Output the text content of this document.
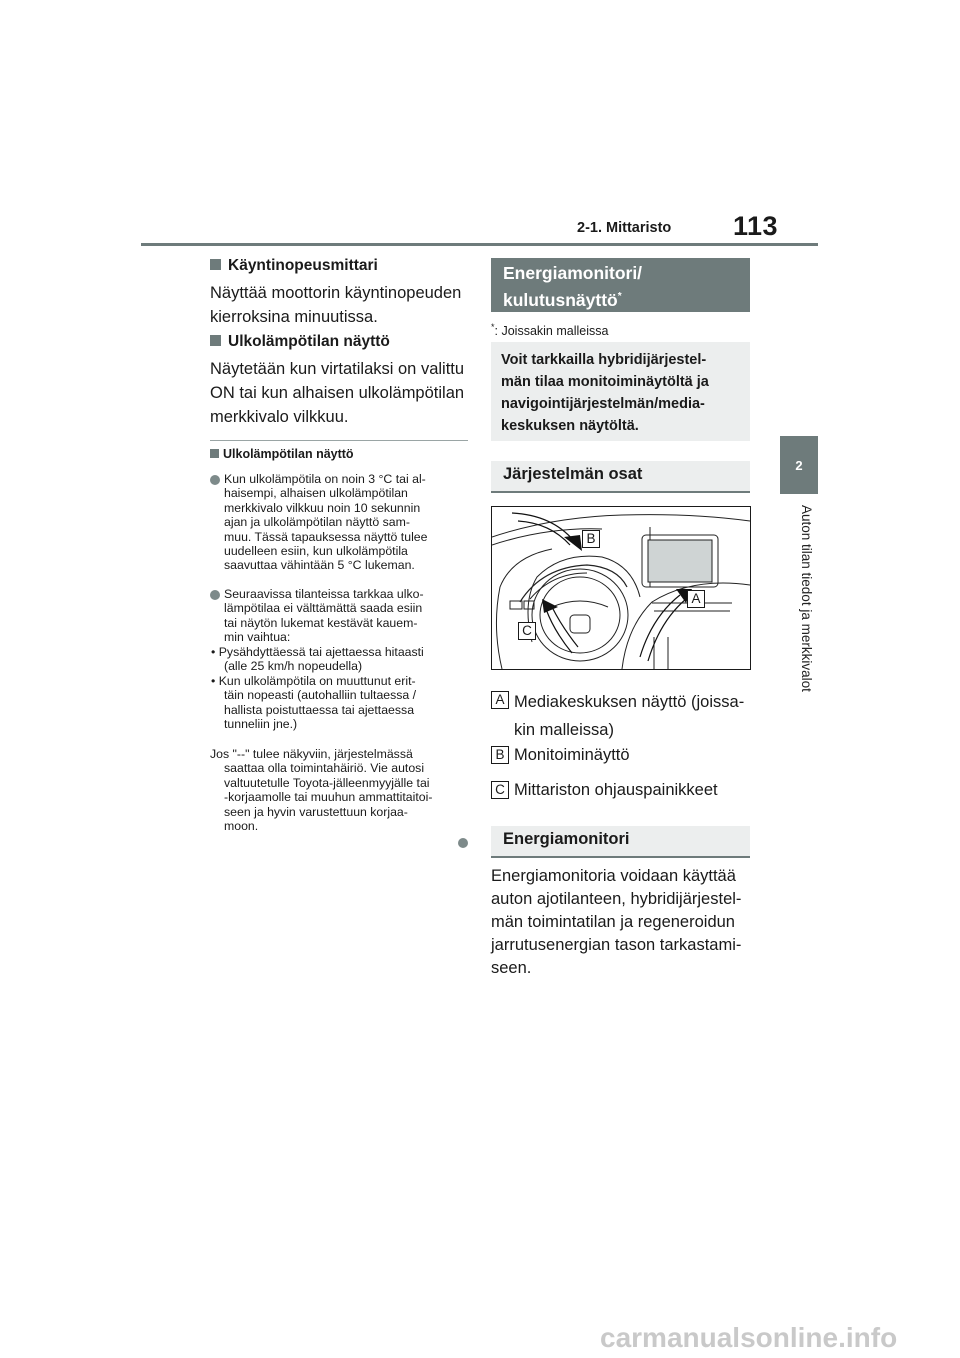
2-1. Mittaristo 113
2
Auton tilan tiedot ja merkkivalot
Käyntinopeusmittari
Näyttää moottorin käyntinopeuden
kierroksina minuutissa.
Ulkolämpötilan näyttö
Näytetään kun virtatilaksi on valittu
ON tai kun alhaisen ulkolämpötilan
merkkivalo vilkkuu.
Ulkolämpötilan näyttö
Kun ulkolämpötila on noin 3 °C tai al-
haisempi, alhaisen ulkolämpötilan
merkkivalo vilkkuu noin 10 sekunnin
ajan ja ulkolämpötilan näyttö sam-
muu. Tässä tapauksessa näyttö tulee
uudelleen esiin, kun ulkolämpötila
saavuttaa vähintään 5 °C lukeman.
Seuraavissa tilanteissa tarkkaa ulko-
lämpötilaa ei välttämättä saada esiin
tai näytön lukemat kestävät kauem-
min vaihtua:
• Pysähdyttäessä tai ajettaessa hitaasti
(alle 25 km/h nopeudella)
• Kun ulkolämpötila on muuttunut erit-
täin nopeasti (autohalliin tultaessa /
hallista poistuttaessa tai ajettaessa
tunneliin jne.)
Jos "--" tulee näkyviin, järjestelmässä
saattaa olla toimintahäiriö. Vie autosi
valtuutetulle Toyota-jälleenmyyjälle tai
-korjaamolle tai muuhun ammattitaitoi-
seen ja hyvin varustettuun korjaa-
moon.
Energiamonitori/
kulutusnäyttö*
*: Joissakin malleissa
Voit tarkkailla hybridijärjestel-
män tilaa monitoiminäytöltä ja
navigointijärjestelmän/media-
keskuksen näytöltä.
Järjestelmän osat
B
A
C
A Mediakeskuksen näyttö (joissa-
kin malleissa)
B Monitoiminäyttö
C Mittariston ohjauspainikkeet
Energiamonitori
Energiamonitoria voidaan käyttää
auton ajotilanteen, hybridijärjestel-
män toimintatilan ja regeneroidun
jarrutusenergian tason tarkastami-
seen.
carmanualsonline.info
